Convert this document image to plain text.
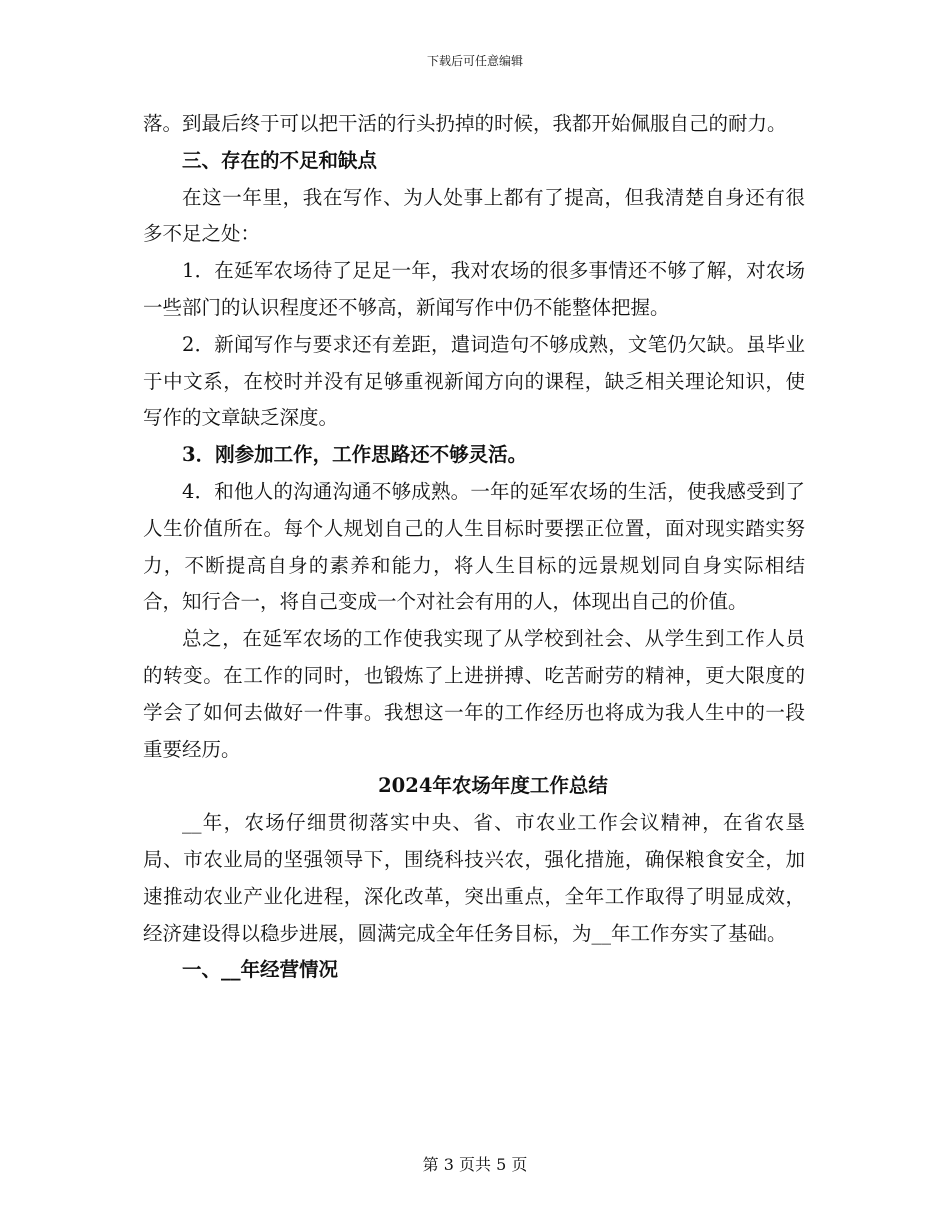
下载后可任意编辑

落。到最后终于可以把干活的行头扔掉的时候，我都开始佩服自己的耐力。

三、存在的不足和缺点

在这一年里，我在写作、为人处事上都有了提高，但我清楚自身还有很多不足之处：

1．在延军农场待了足足一年，我对农场的很多事情还不够了解，对农场一些部门的认识程度还不够高，新闻写作中仍不能整体把握。

2．新闻写作与要求还有差距，遣词造句不够成熟，文笔仍欠缺。虽毕业于中文系，在校时并没有足够重视新闻方向的课程，缺乏相关理论知识，使写作的文章缺乏深度。

3．刚参加工作，工作思路还不够灵活。

4．和他人的沟通沟通不够成熟。一年的延军农场的生活，使我感受到了人生价值所在。每个人规划自己的人生目标时要摆正位置，面对现实踏实努力，不断提高自身的素养和能力，将人生目标的远景规划同自身实际相结合，知行合一，将自己变成一个对社会有用的人，体现出自己的价值。

总之，在延军农场的工作使我实现了从学校到社会、从学生到工作人员的转变。在工作的同时，也锻炼了上进拼搏、吃苦耐劳的精神，更大限度的学会了如何去做好一件事。我想这一年的工作经历也将成为我人生中的一段重要经历。

2024年农场年度工作总结

__年，农场仔细贯彻落实中央、省、市农业工作会议精神，在省农垦局、市农业局的坚强领导下，围绕科技兴农，强化措施，确保粮食安全，加速推动农业产业化进程，深化改革，突出重点，全年工作取得了明显成效，经济建设得以稳步进展，圆满完成全年任务目标，为__年工作夯实了基础。

一、__年经营情况

第 3 页共 5 页
